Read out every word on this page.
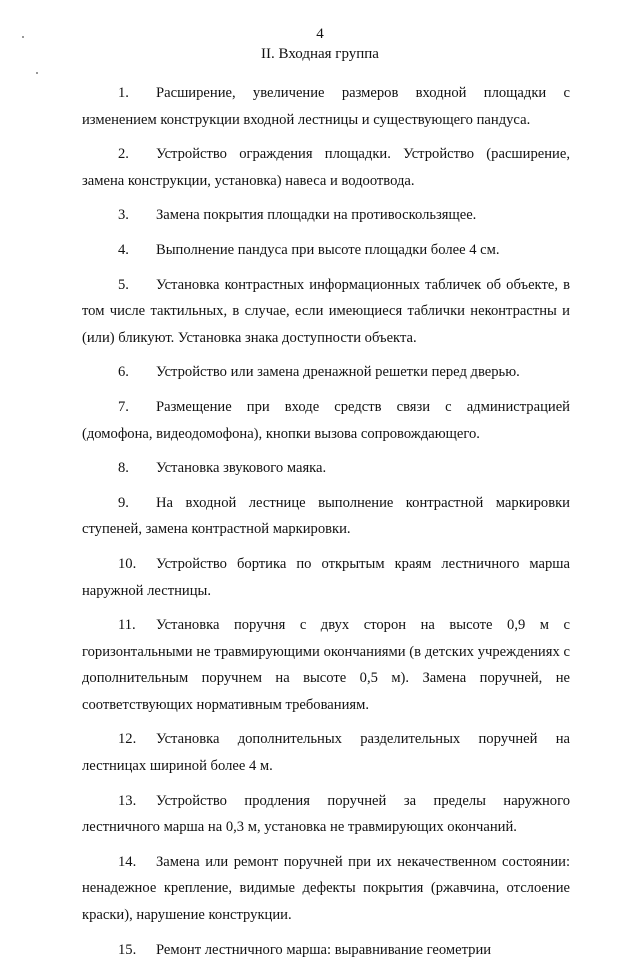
4
II. Входная группа

1. Расширение, увеличение размеров входной площадки с изменением конструкции входной лестницы и существующего пандуса.

2. Устройство ограждения площадки. Устройство (расширение, замена конструкции, установка) навеса и водоотвода.

3. Замена покрытия площадки на противоскользящее.

4. Выполнение пандуса при высоте площадки более 4 см.

5. Установка контрастных информационных табличек об объекте, в том числе тактильных, в случае, если имеющиеся таблички неконтрастны и (или) бликуют. Установка знака доступности объекта.

6. Устройство или замена дренажной решетки перед дверью.

7. Размещение при входе средств связи с администрацией (домофона, видеодомофона), кнопки вызова сопровождающего.

8. Установка звукового маяка.

9. На входной лестнице выполнение контрастной маркировки ступеней, замена контрастной маркировки.

10. Устройство бортика по открытым краям лестничного марша наружной лестницы.

11. Установка поручня с двух сторон на высоте 0,9 м с горизонтальными не травмирующими окончаниями (в детских учреждениях с дополнительным поручнем на высоте 0,5 м). Замена поручней, не соответствующих нормативным требованиям.

12. Установка дополнительных разделительных поручней на лестницах шириной более 4 м.

13. Устройство продления поручней за пределы наружного лестничного марша на 0,3 м, установка не травмирующих окончаний.

14. Замена или ремонт поручней при их некачественном состоянии: ненадежное крепление, видимые дефекты покрытия (ржавчина, отслоение краски), нарушение конструкции.

15. Ремонт лестничного марша: выравнивание геометрии
